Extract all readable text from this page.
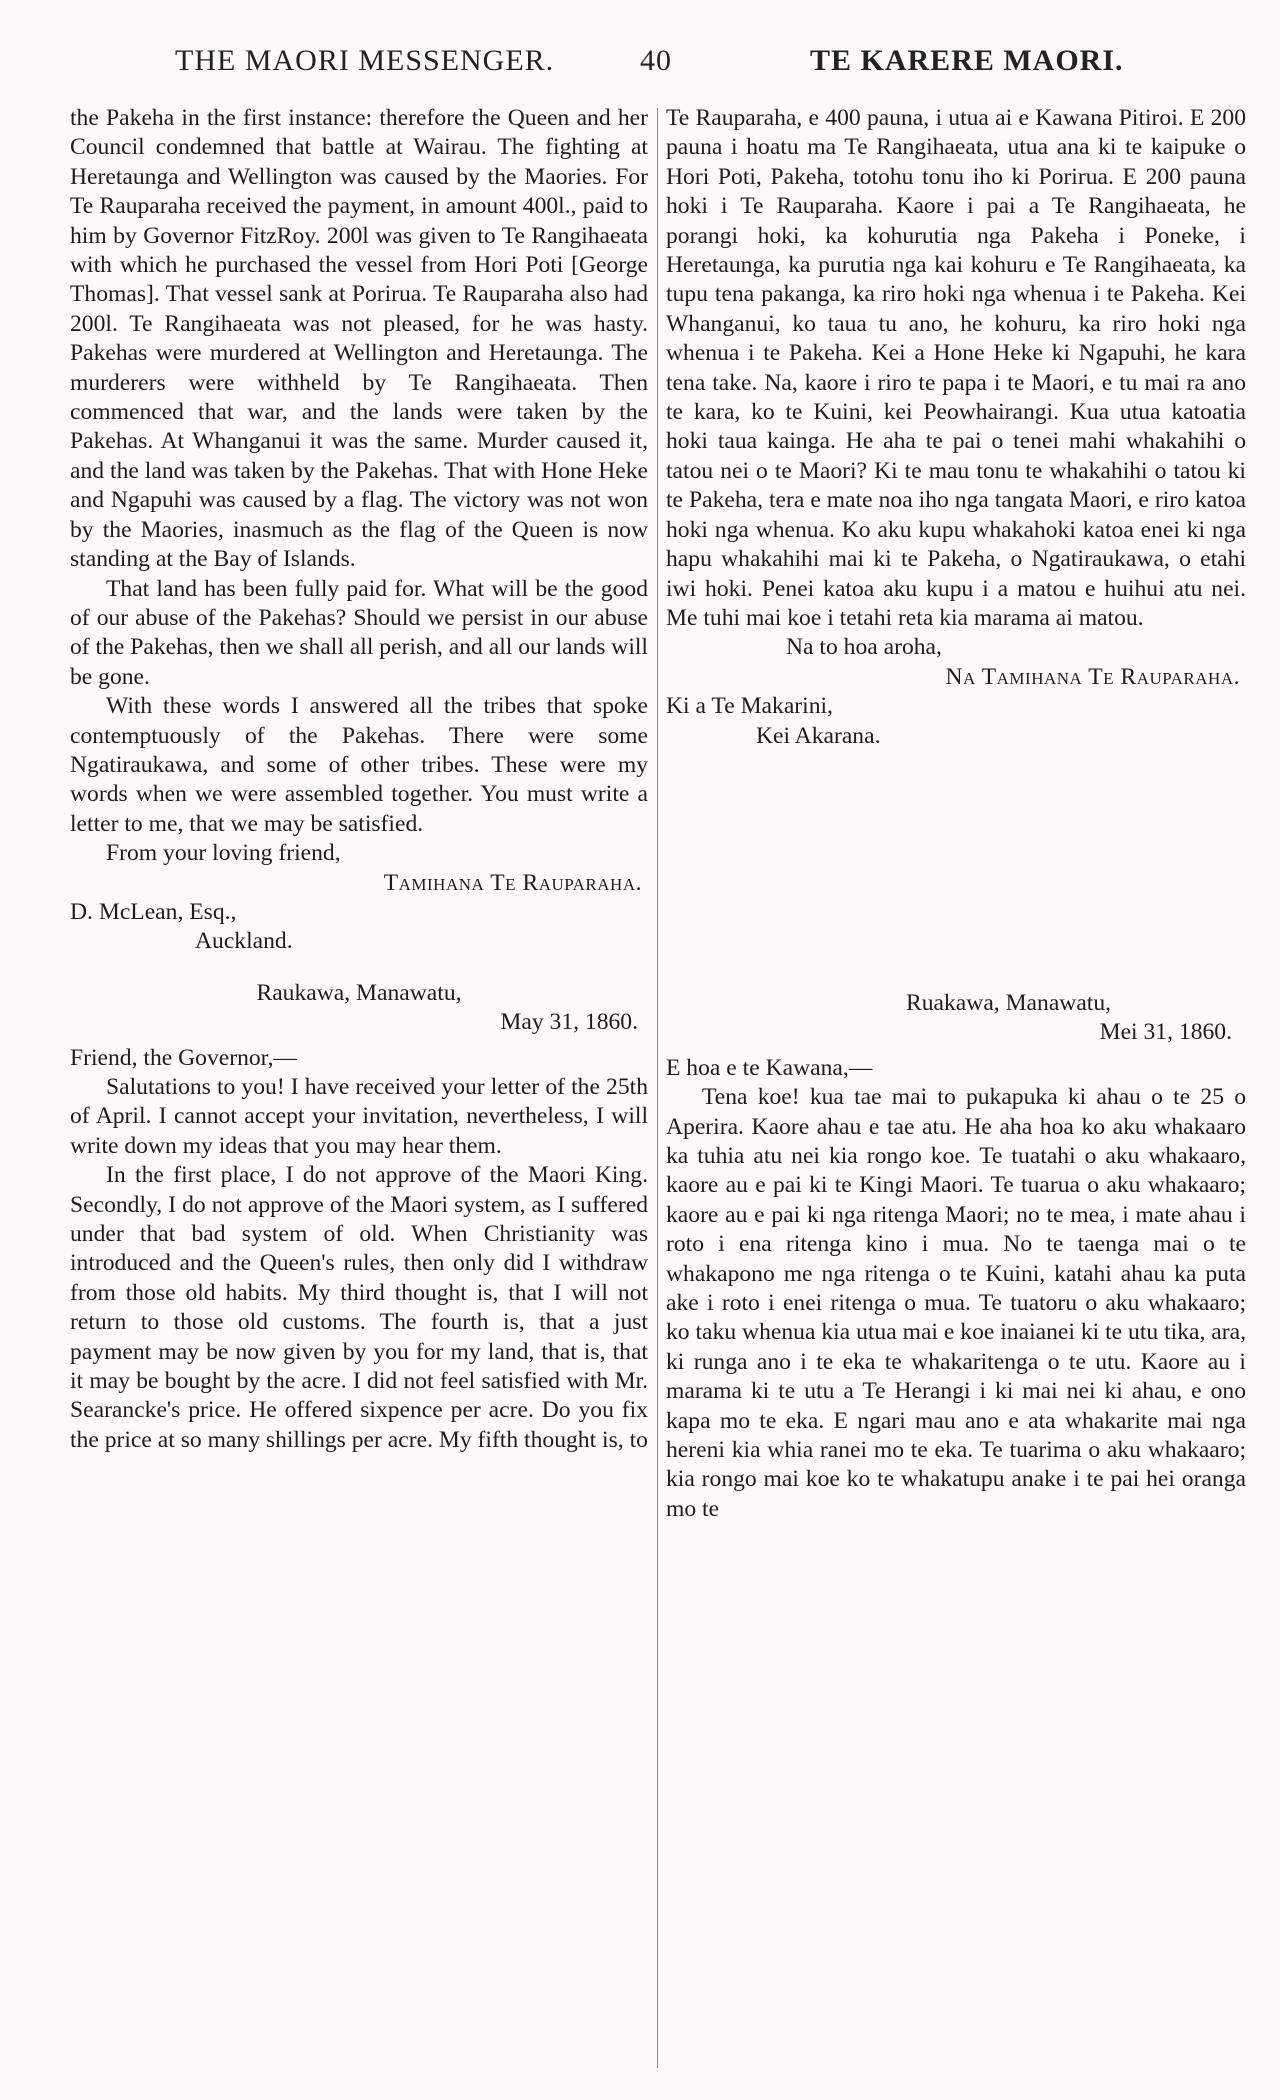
THE MAORI MESSENGER.	40	TE KARERE MAORI.

the Pakeha in the first instance: therefore the Queen and her Council condemned that battle at Wairau. The fighting at Heretaunga and Wellington was caused by the Maories. For Te Rauparaha received the payment, in amount 400l., paid to him by Governor FitzRoy. 200l was given to Te Rangihaeata with which he purchased the vessel from Hori Poti [George Thomas]. That vessel sank at Porirua. Te Rauparaha also had 200l. Te Rangihaeata was not pleased, for he was hasty. Pakehas were murdered at Wellington and Heretaunga. The murderers were withheld by Te Rangihaeata. Then commenced that war, and the lands were taken by the Pakehas. At Whanganui it was the same. Murder caused it, and the land was taken by the Pakehas. That with Hone Heke and Ngapuhi was caused by a flag. The victory was not won by the Maories, inasmuch as the flag of the Queen is now standing at the Bay of Islands.

That land has been fully paid for. What will be the good of our abuse of the Pakehas? Should we persist in our abuse of the Pakehas, then we shall all perish, and all our lands will be gone.

With these words I answered all the tribes that spoke contemptuously of the Pakehas. There were some Ngatiraukawa, and some of other tribes. These were my words when we were assembled together. You must write a letter to me, that we may be satisfied.

From your loving friend,

Tamihana Te Rauparaha.

D. McLean, Esq.,

Auckland.

Raukawa, Manawatu,

May 31, 1860.

Friend, the Governor,—

Salutations to you! I have received your letter of the 25th of April. I cannot accept your invitation, nevertheless, I will write down my ideas that you may hear them.

In the first place, I do not approve of the Maori King. Secondly, I do not approve of the Maori system, as I suffered under that bad system of old. When Christianity was introduced and the Queen's rules, then only did I withdraw from those old habits. My third thought is, that I will not return to those old customs. The fourth is, that a just payment may be now given by you for my land, that is, that it may be bought by the acre. I did not feel satisfied with Mr. Searancke's price. He offered sixpence per acre. Do you fix the price at so many shillings per acre. My fifth thought is, to

Te Rauparaha, e 400 pauna, i utua ai e Kawana Pitiroi. E 200 pauna i hoatu ma Te Rangihaeata, utua ana ki te kaipuke o Hori Poti, Pakeha, totohu tonu iho ki Porirua. E 200 pauna hoki i Te Rauparaha. Kaore i pai a Te Rangihaeata, he porangi hoki, ka kohurutia nga Pakeha i Poneke, i Heretaunga, ka purutia nga kai kohuru e Te Rangihaeata, ka tupu tena pakanga, ka riro hoki nga whenua i te Pakeha. Kei Whanganui, ko taua tu ano, he kohuru, ka riro hoki nga whenua i te Pakeha. Kei a Hone Heke ki Ngapuhi, he kara tena take. Na, kaore i riro te papa i te Maori, e tu mai ra ano te kara, ko te Kuini, kei Peowhairangi. Kua utua katoatia hoki taua kainga. He aha te pai o tenei mahi whakahihi o tatou nei o te Maori? Ki te mau tonu te whakahihi o tatou ki te Pakeha, tera e mate noa iho nga tangata Maori, e riro katoa hoki nga whenua. Ko aku kupu whakahoki katoa enei ki nga hapu whakahihi mai ki te Pakeha, o Ngatiraukawa, o etahi iwi hoki. Penei katoa aku kupu i a matou e huihui atu nei. Me tuhi mai koe i tetahi reta kia marama ai matou.

Na to hoa aroha,

Na Tamihana Te Rauparaha.

Ki a Te Makarini,

Kei Akarana.

Ruakawa, Manawatu,

Mei 31, 1860.

E hoa e te Kawana,—

Tena koe! kua tae mai to pukapuka ki ahau o te 25 o Aperira. Kaore ahau e tae atu. He aha hoa ko aku whakaaro ka tuhia atu nei kia rongo koe. Te tuatahi o aku whakaaro, kaore au e pai ki te Kingi Maori. Te tuarua o aku whakaaro; kaore au e pai ki nga ritenga Maori; no te mea, i mate ahau i roto i ena ritenga kino i mua. No te taenga mai o te whakapono me nga ritenga o te Kuini, katahi ahau ka puta ake i roto i enei ritenga o mua. Te tuatoru o aku whakaaro; ko taku whenua kia utua mai e koe inaianei ki te utu tika, ara, ki runga ano i te eka te whakaritenga o te utu. Kaore au i marama ki te utu a Te Herangi i ki mai nei ki ahau, e ono kapa mo te eka. E ngari mau ano e ata whakarite mai nga hereni kia whia ranei mo te eka. Te tuarima o aku whakaaro; kia rongo mai koe ko te whakatupu anake i te pai hei oranga mo te
